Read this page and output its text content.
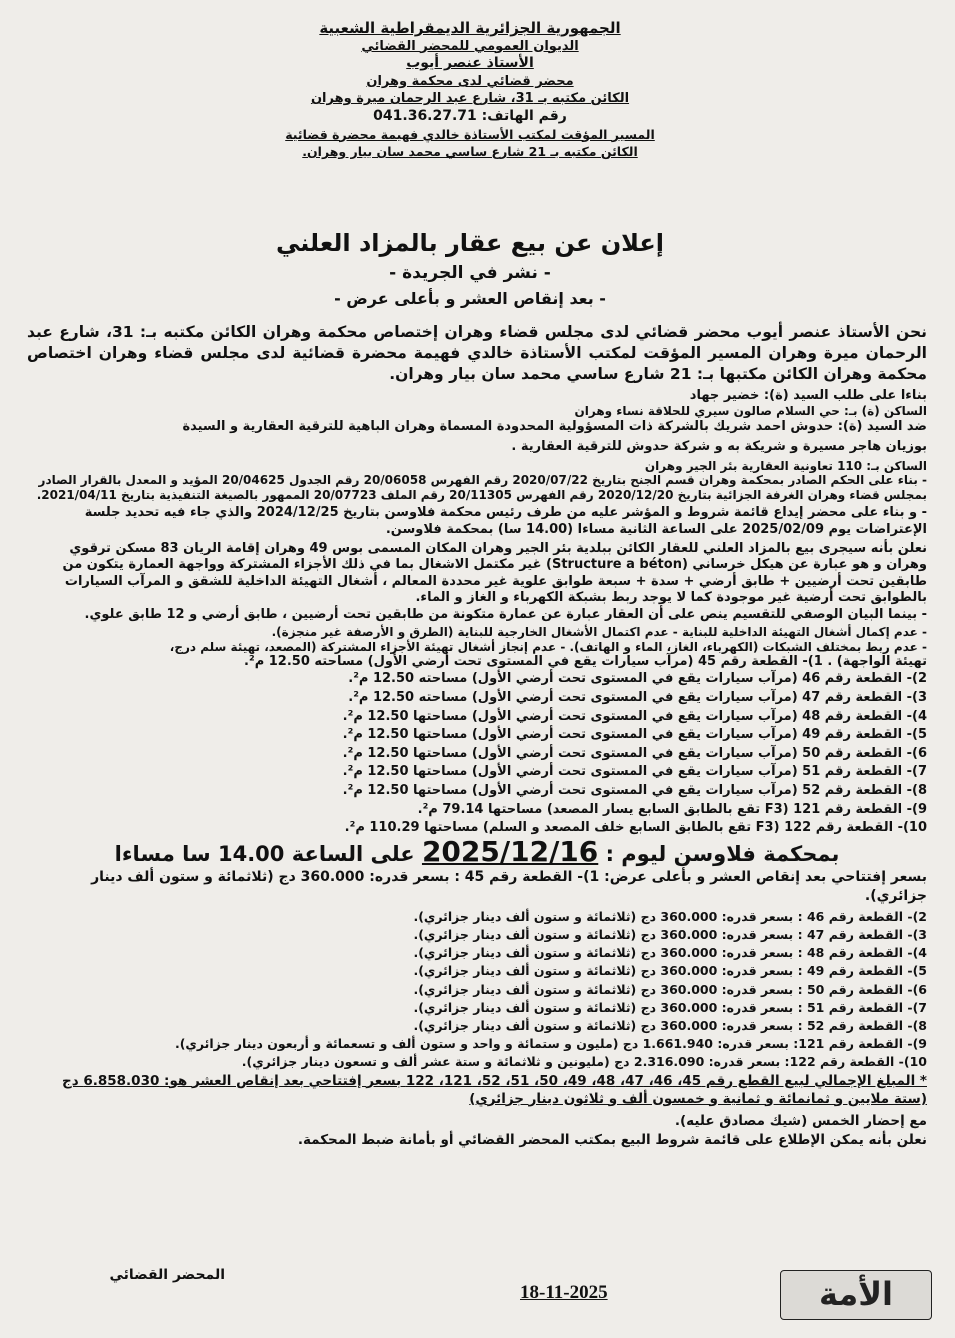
الجمهورية الجزائرية الديمقراطية الشعبية
الديوان العمومي للمحضر القضائي
الأستاذ عنصر أيوب
محضر قضائي لدى محكمة وهران
الكائن مكتبه بـ 31، شارع عبد الرحمان ميرة وهران
رقم الهاتف: 041.36.27.71
المسير المؤقت لمكتب الأستاذة خالدي فهيمة محضرة قضائية
الكائن مكتبه بـ 21 شارع ساسي محمد سان بيار وهران.
إعلان عن بيع عقار بالمزاد العلني
- نشر في الجريدة -
- بعد إنقاص العشر و بأعلى عرض -

نحن الأستاذ عنصر أيوب محضر قضائي لدى مجلس قضاء وهران إختصاص محكمة وهران الكائن مكتبه بـ: 31، شارع عبد الرحمان ميرة وهران المسير المؤقت لمكتب الأستاذة خالدي فهيمة محضرة قضائية لدى مجلس قضاء وهران اختصاص محكمة وهران الكائن مكتبها بـ: 21 شارع ساسي محمد سان بيار وهران.

بناءا على طلب السيد (ة): خضير جهاد

الساكن (ة) بـ: حي السلام صالون سيري للحلاقة نساء وهران

ضد السيد (ة): حدوش احمد شريك بالشركة ذات المسؤولية المحدودة المسماة وهران الباهية للترقية العقارية و السيدة

بوزيان هاجر مسيرة و شريكة به و شركة حدوش للترقية العقارية .

الساكن بـ: 110 تعاونية العقارية بئر الجير وهران

- بناء على الحكم الصادر بمحكمة وهران قسم الجنح بتاريخ 2020/07/22 رقم الفهرس 20/06058 رقم الجدول 20/04625 المؤيد و المعدل بالقرار الصادر بمجلس قضاء وهران الغرفة الجزائية بتاريخ 2020/12/20 رقم الفهرس 20/11305 رقم الملف 20/07723 الممهور بالصيغة التنفيذية بتاريخ 2021/04/11.

- و بناء على محضر إيداع قائمة شروط و المؤشر عليه من طرف رئيس محكمة فلاوسن بتاريخ 2024/12/25 والذي جاء فيه تحديد جلسة الإعتراضات يوم 2025/02/09 على الساعة الثانية مساءا (14.00 سا) بمحكمة فلاوسن.

نعلن بأنه سيجرى بيع بالمزاد العلني للعقار الكائن ببلدية بئر الجير وهران المكان المسمى بوس 49 وهران إقامة الريان 83 مسكن ترقوي وهران و هو عبارة عن هيكل خرساني (Structure a béton) غير مكتمل الاشغال بما في ذلك الأجزاء المشتركة وواجهة العمارة يتكون من طابقين تحت أرضيين + طابق أرضي + سدة + سبعة طوابق علوية غير محددة المعالم ، أشغال التهيئة الداخلية للشقق و المرآب السيارات بالطوابق تحت أرضية غير موجودة كما لا يوجد ربط بشبكة الكهرباء و الغاز و الماء.

- بينما البيان الوصفي للتقسيم ينص على أن العقار عبارة عن عمارة متكونة من طابقين تحت أرضيين ، طابق أرضي و 12 طابق علوي.

- عدم إكمال أشغال التهيئة الداخلية للبناية - عدم اكتمال الأشغال الخارجية للبناية (الطرق و الأرصفة غير منجزة).

- عدم ربط بمختلف الشبكات (الكهرباء، الغاز، الماء و الهاتف). - عدم إنجاز أشغال تهيئة الأجزاء المشتركة (المصعد، تهيئة سلم درج،

تهيئة الواجهة) . 1)- القطعة رقم 45 (مرآب سيارات يقع في المستوى تحت أرضي الأول) مساحته 12.50 م².

2)- القطعة رقم 46 (مرآب سيارات يقع في المستوى تحت أرضي الأول) مساحته 12.50 م².

3)- القطعة رقم 47 (مرآب سيارات يقع في المستوى تحت أرضي الأول) مساحته 12.50 م².

4)- القطعة رقم 48 (مرآب سيارات يقع في المستوى تحت أرضي الأول) مساحتها 12.50 م².

5)- القطعة رقم 49 (مرآب سيارات يقع في المستوى تحت أرضي الأول) مساحتها 12.50 م².

6)- القطعة رقم 50 (مرآب سيارات يقع في المستوى تحت أرضي الأول) مساحتها 12.50 م².

7)- القطعة رقم 51 (مرآب سيارات يقع في المستوى تحت أرضي الأول) مساحتها 12.50 م².

8)- القطعة رقم 52 (مرآب سيارات يقع في المستوى تحت أرضي الأول) مساحتها 12.50 م².

9)- القطعة رقم 121 (F3 تقع بالطابق السابع يسار المصعد) مساحتها 79.14 م².

10)- القطعة رقم 122 (F3 تقع بالطابق السابع خلف المصعد و السلم) مساحتها 110.29 م².

بمحكمة فلاوسن ليوم : 2025/12/16 على الساعة 14.00 سا مساءا

بسعر إفتتاحي بعد إنقاص العشر و بأعلى عرض: 1)- القطعة رقم 45 : بسعر قدره: 360.000 دج (ثلاثمائة و ستون ألف دينار جزائري).

2)- القطعة رقم 46 : بسعر قدره: 360.000 دج (ثلاثمائة و ستون ألف دينار جزائري).

3)- القطعة رقم 47 : بسعر قدره: 360.000 دج (ثلاثمائة و ستون ألف دينار جزائري).

4)- القطعة رقم 48 : بسعر قدره: 360.000 دج (ثلاثمائة و ستون ألف دينار جزائري).

5)- القطعة رقم 49 : بسعر قدره: 360.000 دج (ثلاثمائة و ستون ألف دينار جزائري).

6)- القطعة رقم 50 : بسعر قدره: 360.000 دج (ثلاثمائة و ستون ألف دينار جزائري).

7)- القطعة رقم 51 : بسعر قدره: 360.000 دج (ثلاثمائة و ستون ألف دينار جزائري).

8)- القطعة رقم 52 : بسعر قدره: 360.000 دج (ثلاثمائة و ستون ألف دينار جزائري).

9)- القطعة رقم 121: بسعر قدره: 1.661.940 دج (مليون و ستمائة و واحد و ستون ألف و تسعمائة و أربعون دينار جزائري).

10)- القطعة رقم 122: بسعر قدره: 2.316.090 دج (مليونين و ثلاثمائة و ستة عشر ألف و تسعون دينار جزائري).

* المبلغ الإجمالي لبيع القطع رقم 45، 46، 47، 48، 49، 50، 51، 52، 121، 122 بسعر إفتتاحي بعد إنقاص العشر هو: 6.858.030 دج (ستة ملايين و ثمانمائة و ثمانية و خمسون ألف و ثلاثون دينار جزائري)

مع إحضار الخمس (شيك مصادق عليه).

نعلن بأنه يمكن الإطلاع على قائمة شروط البيع بمكتب المحضر القضائي أو بأمانة ضبط المحكمة.

المحضر القضائي
18-11-2025	الأمة
